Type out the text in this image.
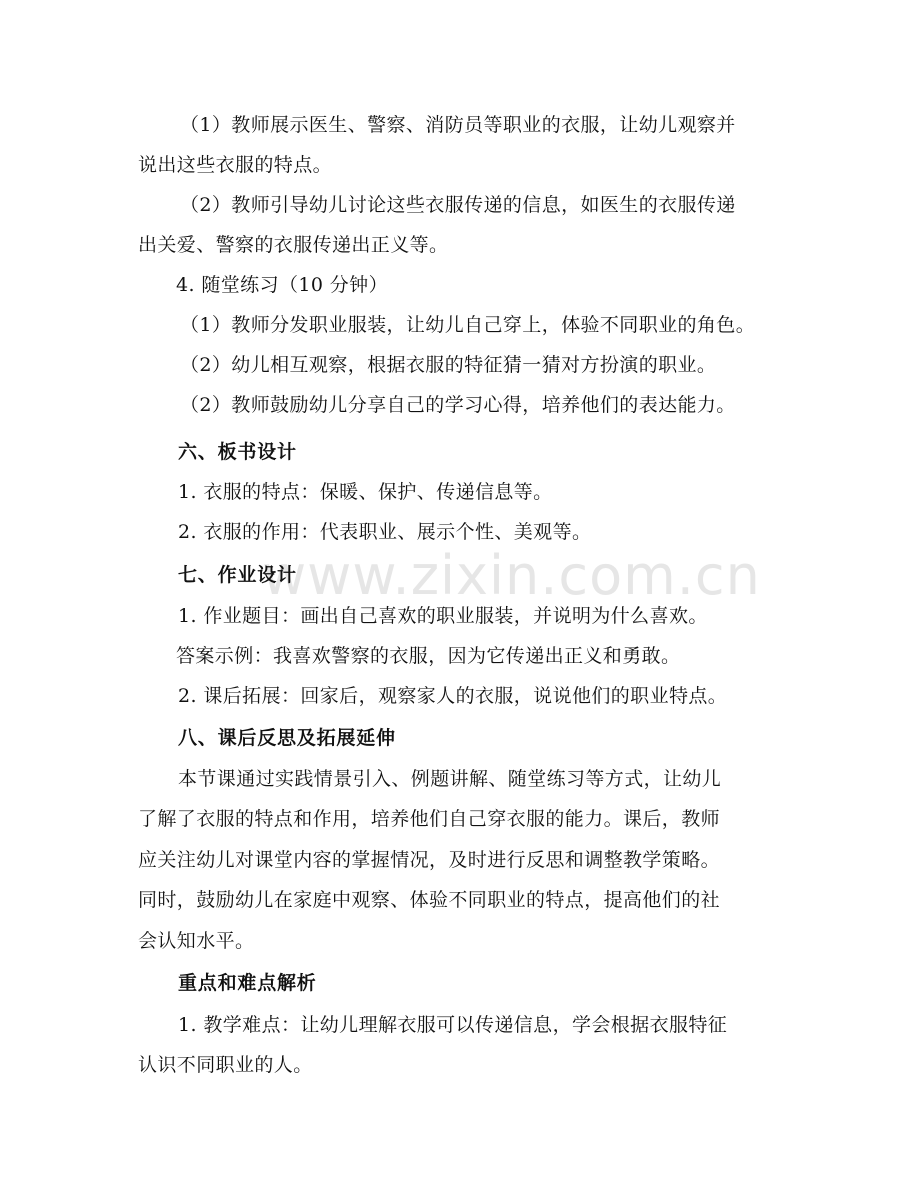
www.zixin.com.cn
（1）教师展示医生、警察、消防员等职业的衣服，让幼儿观察并
说出这些衣服的特点。
（2）教师引导幼儿讨论这些衣服传递的信息，如医生的衣服传递
出关爱、警察的衣服传递出正义等。
4. 随堂练习（10 分钟）
（1）教师分发职业服装，让幼儿自己穿上，体验不同职业的角色。
（2）幼儿相互观察，根据衣服的特征猜一猜对方扮演的职业。
（2）教师鼓励幼儿分享自己的学习心得，培养他们的表达能力。
六、板书设计
1. 衣服的特点：保暖、保护、传递信息等。
2. 衣服的作用：代表职业、展示个性、美观等。
七、作业设计
1. 作业题目：画出自己喜欢的职业服装，并说明为什么喜欢。
答案示例：我喜欢警察的衣服，因为它传递出正义和勇敢。
2. 课后拓展：回家后，观察家人的衣服，说说他们的职业特点。
八、课后反思及拓展延伸
本节课通过实践情景引入、例题讲解、随堂练习等方式，让幼儿
了解了衣服的特点和作用，培养他们自己穿衣服的能力。课后，教师
应关注幼儿对课堂内容的掌握情况，及时进行反思和调整教学策略。
同时，鼓励幼儿在家庭中观察、体验不同职业的特点，提高他们的社
会认知水平。
重点和难点解析
1. 教学难点：让幼儿理解衣服可以传递信息，学会根据衣服特征
认识不同职业的人。
